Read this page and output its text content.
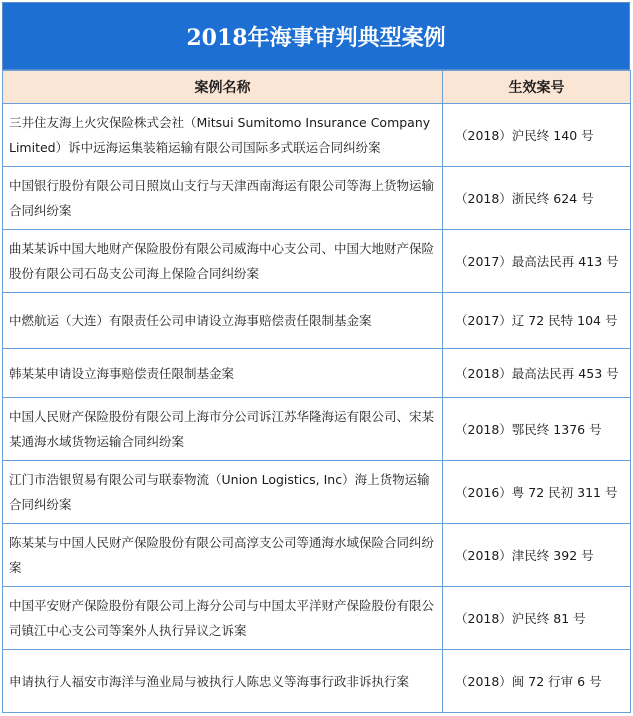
2018年海事审判典型案例
案例名称	生效案号
三井住友海上火灾保险株式会社（Mitsui Sumitomo Insurance Company Limited）诉中远海运集装箱运输有限公司国际多式联运合同纠纷案	（2018）沪民终 140 号
中国银行股份有限公司日照岚山支行与天津西南海运有限公司等海上货物运输合同纠纷案	（2018）浙民终 624 号
曲某某诉中国大地财产保险股份有限公司威海中心支公司、中国大地财产保险股份有限公司石岛支公司海上保险合同纠纷案	（2017）最高法民再 413 号
中燃航运（大连）有限责任公司申请设立海事赔偿责任限制基金案	（2017）辽 72 民特 104 号
韩某某申请设立海事赔偿责任限制基金案	（2018）最高法民再 453 号
中国人民财产保险股份有限公司上海市分公司诉江苏华隆海运有限公司、宋某某通海水域货物运输合同纠纷案	（2018）鄂民终 1376 号
江门市浩银贸易有限公司与联泰物流（Union Logistics, Inc）海上货物运输合同纠纷案	（2016）粤 72 民初 311 号
陈某某与中国人民财产保险股份有限公司高淳支公司等通海水域保险合同纠纷案	（2018）津民终 392 号
中国平安财产保险股份有限公司上海分公司与中国太平洋财产保险股份有限公司镇江中心支公司等案外人执行异议之诉案	（2018）沪民终 81 号
申请执行人福安市海洋与渔业局与被执行人陈忠义等海事行政非诉执行案	（2018）闽 72 行审 6 号
